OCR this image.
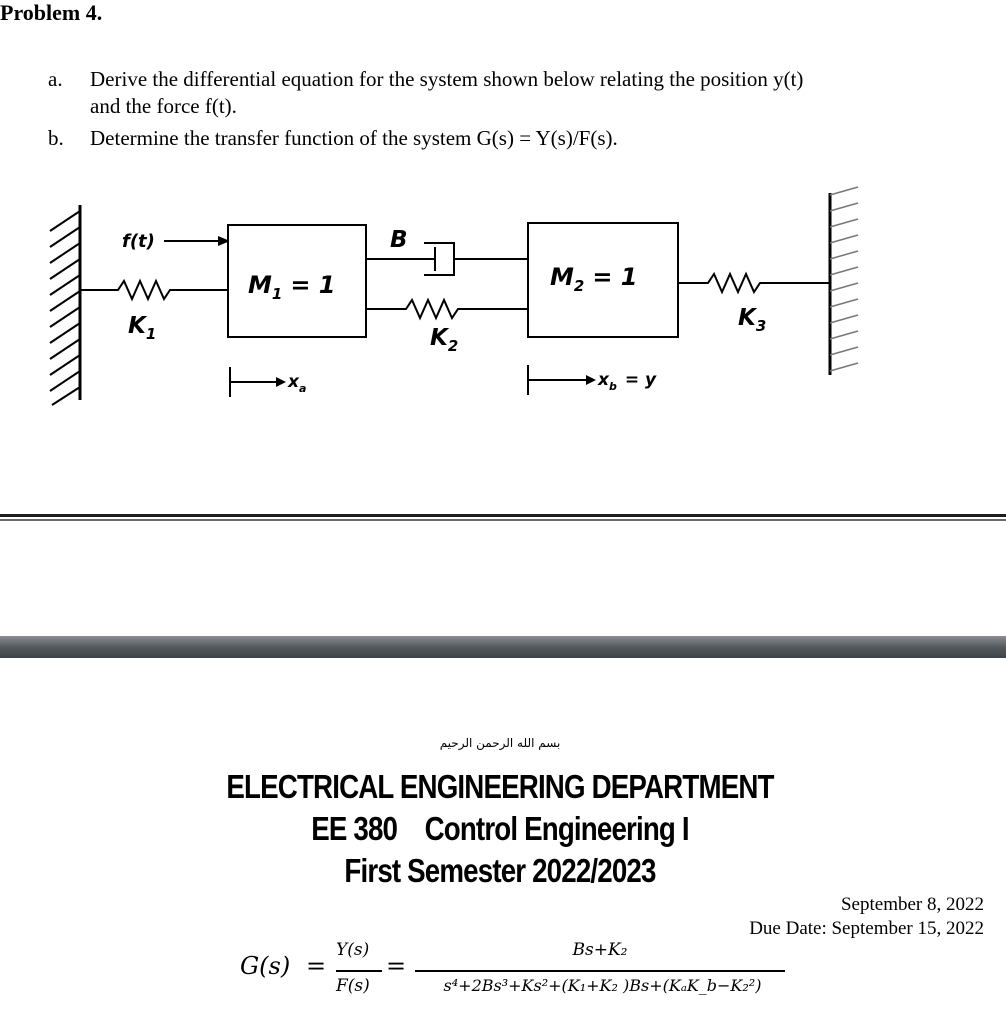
Problem 4.
a. Derive the differential equation for the system shown below relating the position y(t)
and the force f(t).
b. Determine the transfer function of the system G(s) = Y(s)/F(s).
$K_1$
f(t)
$M_1 = 1$
B
$K_2$
$M_2 = 1$
$K_3$
$x_a$	$x_b = y$
بسم الله الرحمن الرحيم
ELECTRICAL ENGINEERING DEPARTMENT
EE 380    Control Engineering I
First Semester 2022/2023
September 8, 2022
Due Date: September 15, 2022
G(s) =
Y(s)
F(s)
=
Bs+K₂
s⁴+2Bs³+Ks²+(K₁+K₂ )Bs+(KₐK_b−K₂²)
